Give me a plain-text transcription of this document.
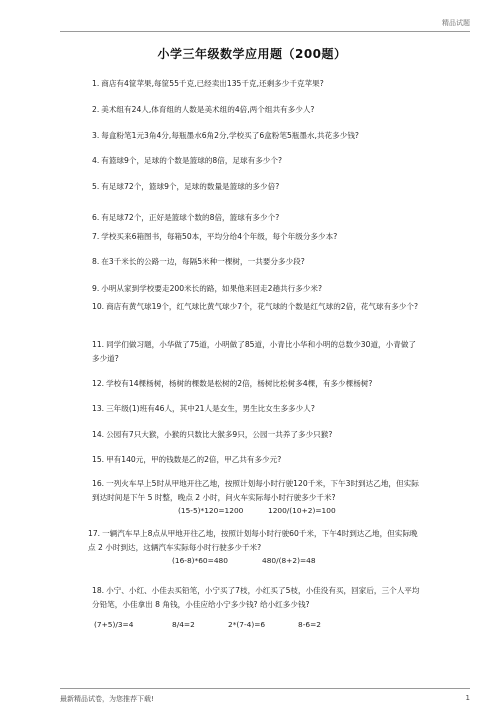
精品试题
小学三年级数学应用题（200题）
1. 商店有4筐苹果,每筐55千克,已经卖出135千克,还剩多少千克苹果?
2. 美术组有24人,体育组的人数是美术组的4倍,两个组共有多少人?
3. 每盒粉笔1元3角4分,每瓶墨水6角2分,学校买了6盒粉笔5瓶墨水,共花多少钱?
4. 有篮球9个，足球的个数是篮球的8倍，足球有多少个?
5. 有足球72个，篮球9个，足球的数量是篮球的多少倍?
6. 有足球72个，正好是篮球个数的8倍，篮球有多少个?
7. 学校买来6箱图书，每箱50本，平均分给4个年级，每个年级分多少本?
8. 在3千米长的公路一边，每隔5米种一棵树，一共要分多少段?
9. 小明从家到学校要走200米长的路，如果他来回走2趟共行多少米?
10. 商店有黄气球19个，红气球比黄气球少7个，花气球的个数是红气球的2倍，花气球有多少个?
11. 同学们做习题，小华做了75道，小明做了85道，小青比小华和小明的总数少30道，小青做了多少道?
12. 学校有14棵杨树，杨树的棵数是松树的2倍，杨树比松树多4棵，有多少棵杨树?
13. 三年级(1)班有46人，其中21人是女生，男生比女生多多少人?
14. 公园有7只大猴，小猴的只数比大猴多9只，公园一共养了多少只猴?
15. 甲有140元，甲的钱数是乙的2倍，甲乙共有多少元?
16. 一列火车早上5时从甲地开往乙地，按照计划每小时行驶120千米，下午3时到达乙地，但实际到达时间是下午 5 时整，晚点 2 小时，问火车实际每小时行驶多少千米?
(15-5)*120=1200	1200/(10+2)=100
17. 一辆汽车早上8点从甲地开往乙地，按照计划每小时行驶60千米，下午4时到达乙地，但实际晚点 2 小时到达，这辆汽车实际每小时行驶多少千米?
(16-8)*60=480	480/(8+2)=48
18. 小宁、小红、小佳去买铅笔，小宁买了7枝，小红买了5枝，小佳没有买，回家后，三个人平均分铅笔，小佳拿出 8 角钱，小佳应给小宁多少钱? 给小红多少钱?
(7+5)/3=4	8/4=2	2*(7-4)=6	8-6=2
最新精品试卷，为您推荐下载!	1
